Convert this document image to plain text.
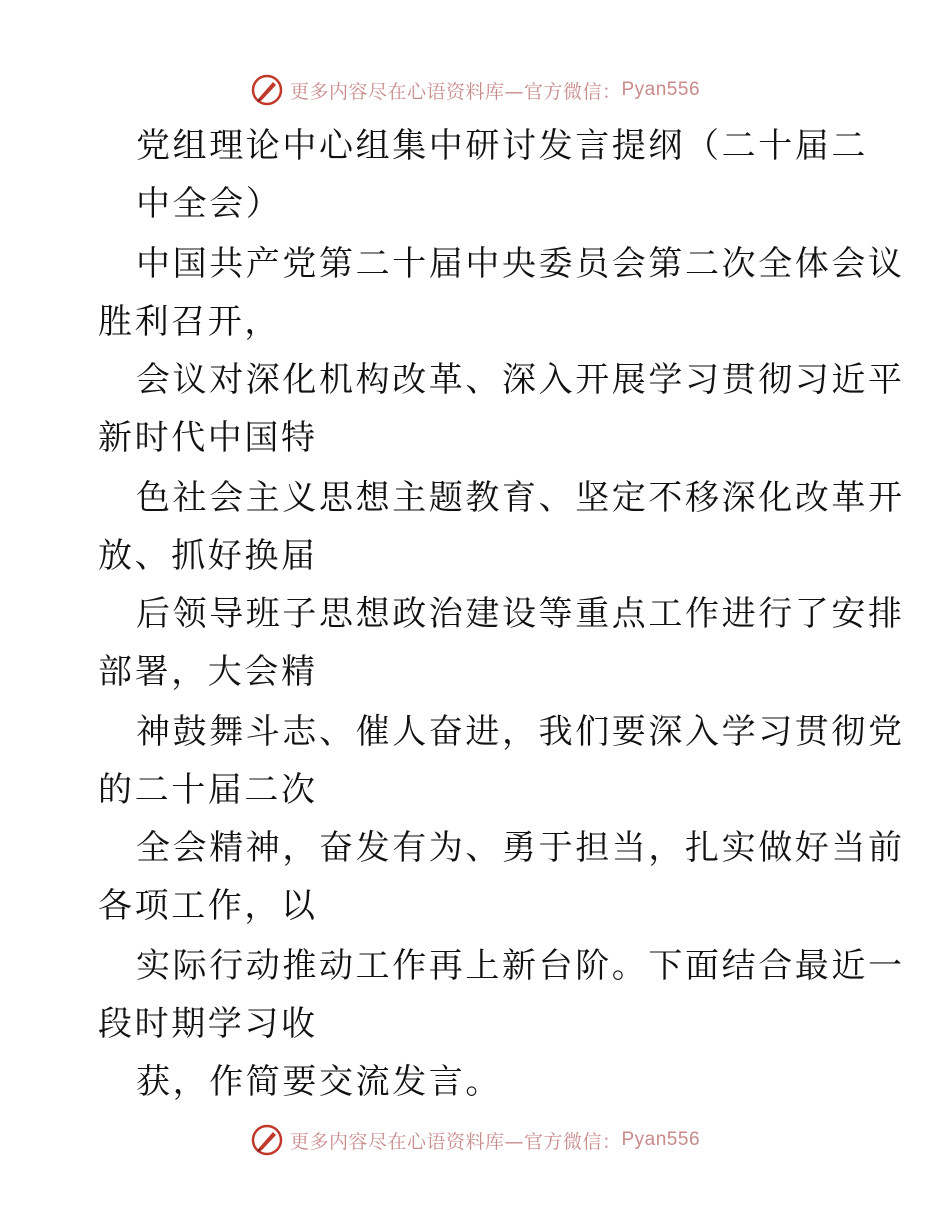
更多内容尽在心语资料库—官方微信： Pyan556
党组理论中心组集中研讨发言提纲（二十届二
中全会）
中国共产党第二十届中央委员会第二次全体会议
胜利召开，
会议对深化机构改革、深入开展学习贯彻习近平
新时代中国特
色社会主义思想主题教育、坚定不移深化改革开
放、抓好换届
后领导班子思想政治建设等重点工作进行了安排
部署，大会精
神鼓舞斗志、催人奋进，我们要深入学习贯彻党
的二十届二次
全会精神，奋发有为、勇于担当，扎实做好当前
各项工作，以
实际行动推动工作再上新台阶。下面结合最近一
段时期学习收
获，作简要交流发言。
更多内容尽在心语资料库—官方微信： Pyan556
